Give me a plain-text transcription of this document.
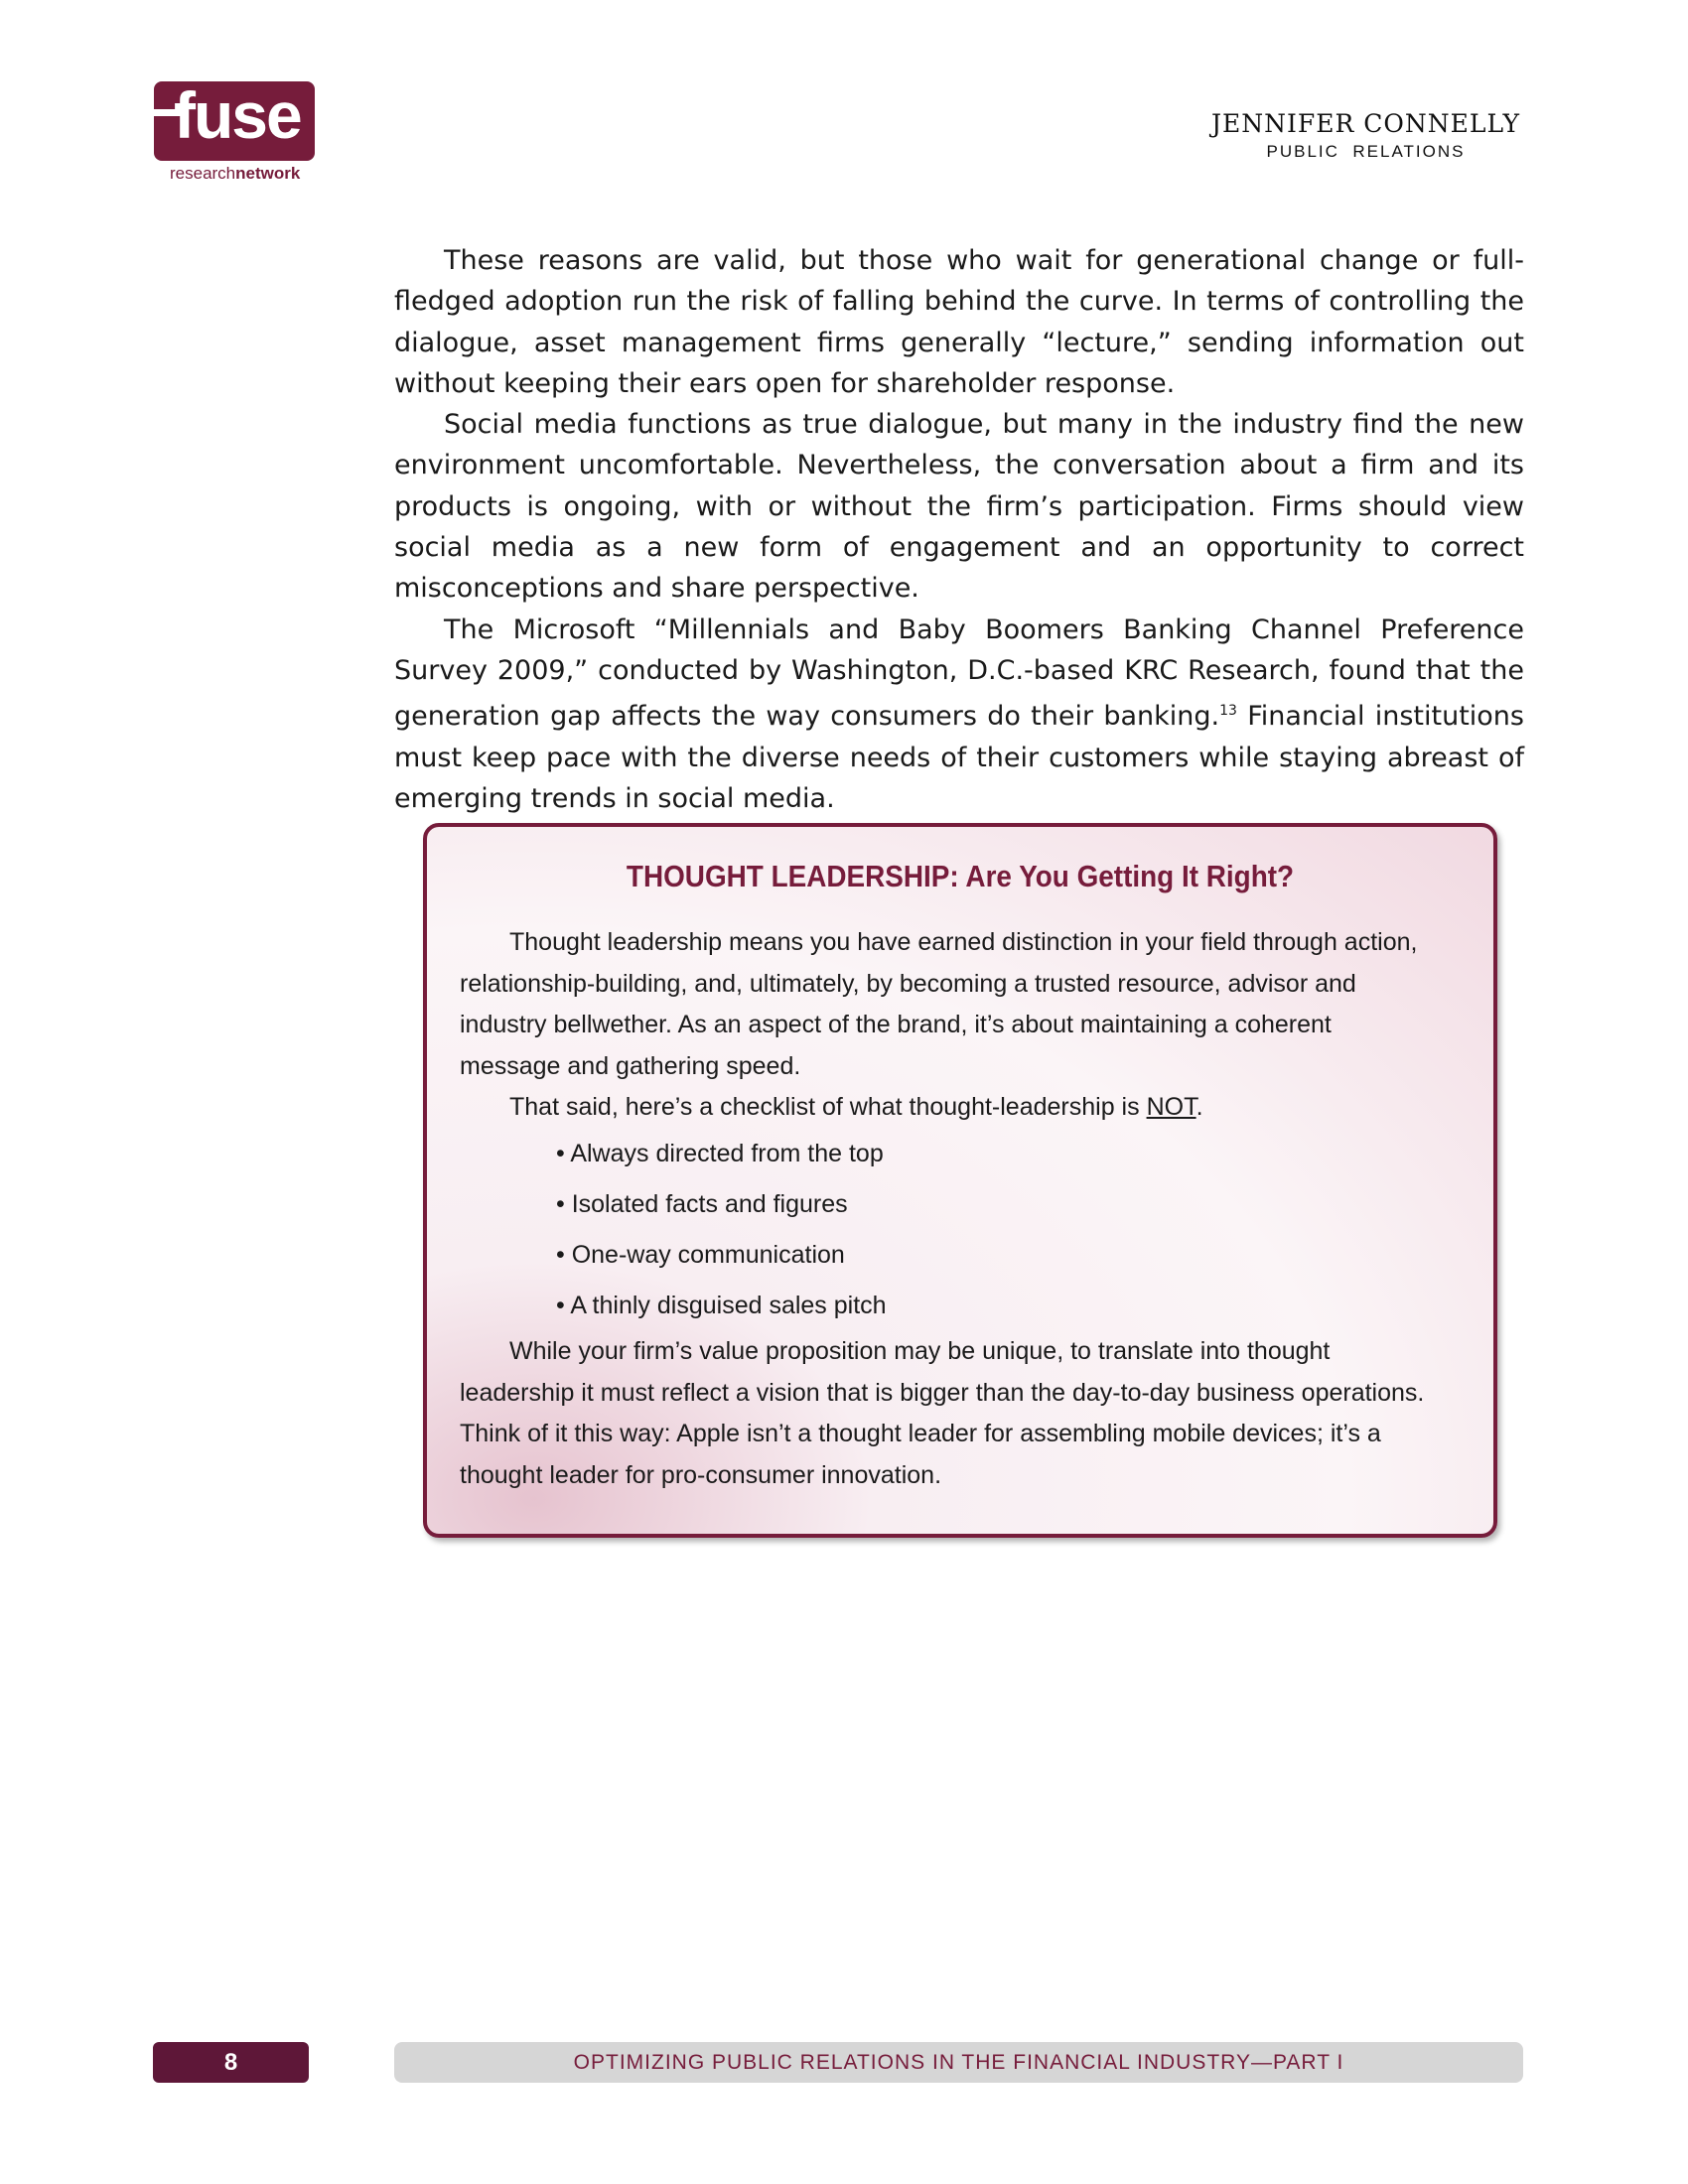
fuse
researchnetwork
JENNIFER CONNELLY
PUBLIC  RELATIONS

These reasons are valid, but those who wait for generational change or full-fledged adoption run the risk of falling behind the curve. In terms of controlling the dialogue, asset management firms generally “lecture,” sending information out without keeping their ears open for shareholder response.

Social media functions as true dialogue, but many in the industry find the new environment uncomfortable. Nevertheless, the conversation about a firm and its products is ongoing, with or without the firm’s participation. Firms should view social media as a new form of engagement and an opportunity to correct misconceptions and share perspective.

The Microsoft “Millennials and Baby Boomers Banking Channel Preference Survey 2009,” conducted by Washington, D.C.-based KRC Research, found that the generation gap affects the way consumers do their banking.$^{13}$ Financial institutions must keep pace with the diverse needs of their customers while staying abreast of emerging trends in social media.

THOUGHT LEADERSHIP: Are You Getting It Right?

Thought leadership means you have earned distinction in your field through action, relationship-building, and, ultimately, by becoming a trusted resource, advisor and industry bellwether. As an aspect of the brand, it’s about maintaining a coherent message and gathering speed.

That said, here’s a checklist of what thought-leadership is NOT.

• Always directed from the top
• Isolated facts and figures
• One-way communication
• A thinly disguised sales pitch

While your firm’s value proposition may be unique, to translate into thought leadership it must reflect a vision that is bigger than the day-to-day business operations. Think of it this way: Apple isn’t a thought leader for assembling mobile devices; it’s a thought leader for pro-consumer innovation.

8	OPTIMIZING PUBLIC RELATIONS IN THE FINANCIAL INDUSTRY—PART I
